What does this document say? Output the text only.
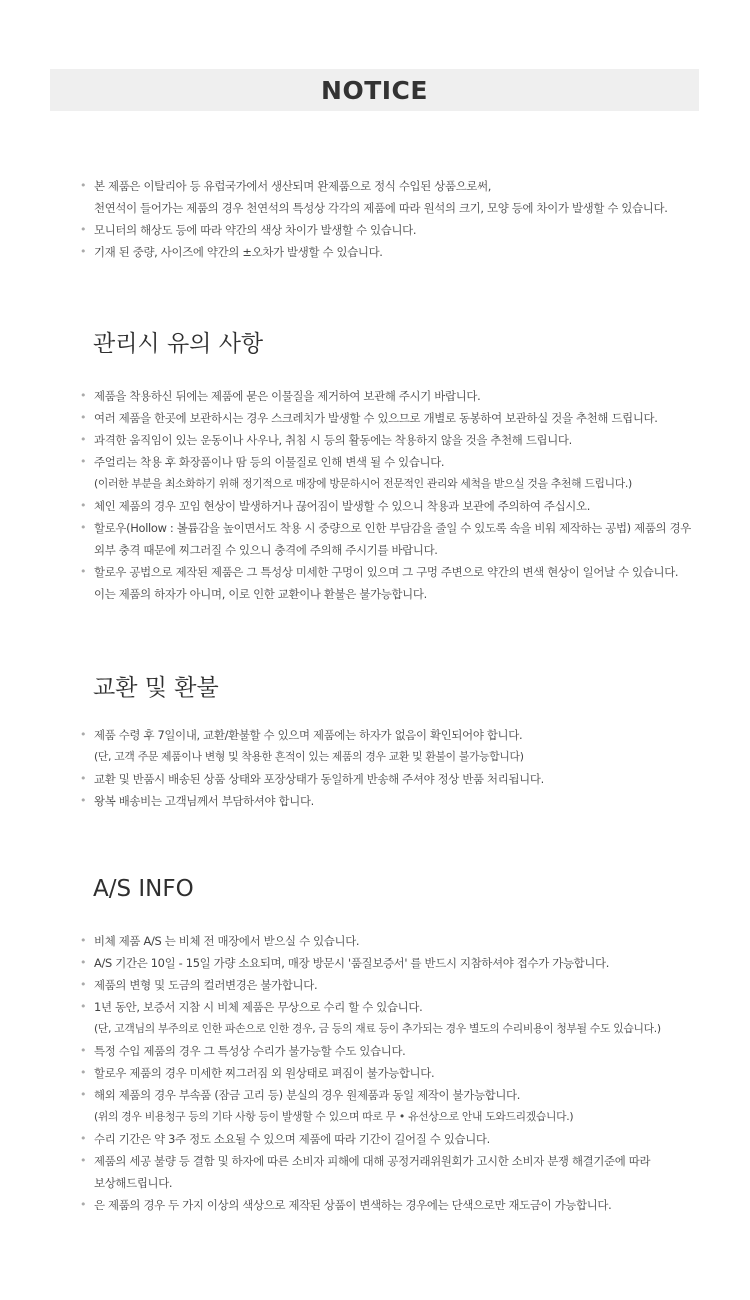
NOTICE
• 본 제품은 이탈리아 등 유럽국가에서 생산되며 완제품으로 정식 수입된 상품으로써,
천연석이 들어가는 제품의 경우 천연석의 특성상 각각의 제품에 따라 원석의 크기, 모양 등에 차이가 발생할 수 있습니다.
• 모니터의 해상도 등에 따라 약간의 색상 차이가 발생할 수 있습니다.
• 기재 된 중량, 사이즈에 약간의 ±오차가 발생할 수 있습니다.
관리시 유의 사항
• 제품을 착용하신 뒤에는 제품에 묻은 이물질을 제거하여 보관해 주시기 바랍니다.
• 여러 제품을 한곳에 보관하시는 경우 스크레치가 발생할 수 있으므로 개별로 동봉하여 보관하실 것을 추천해 드립니다.
• 과격한 움직임이 있는 운동이나 사우나, 취침 시 등의 활동에는 착용하지 않을 것을 추천해 드립니다.
• 주얼리는 착용 후 화장품이나 땀 등의 이물질로 인해 변색 될 수 있습니다.
(이러한 부분을 최소화하기 위해 정기적으로 매장에 방문하시어 전문적인 관리와 세척을 받으실 것을 추천해 드립니다.)
• 체인 제품의 경우 꼬임 현상이 발생하거나 끊어짐이 발생할 수 있으니 착용과 보관에 주의하여 주십시오.
• 할로우(Hollow : 볼륨감을 높이면서도 착용 시 중량으로 인한 부담감을 줄일 수 있도록 속을 비워 제작하는 공법) 제품의 경우
외부 충격 때문에 찌그러질 수 있으니 충격에 주의해 주시기를 바랍니다.
• 할로우 공법으로 제작된 제품은 그 특성상 미세한 구멍이 있으며 그 구멍 주변으로 약간의 변색 현상이 일어날 수 있습니다.
이는 제품의 하자가 아니며, 이로 인한 교환이나 환불은 불가능합니다.
교환 및 환불
• 제품 수령 후 7일이내, 교환/환불할 수 있으며 제품에는 하자가 없음이 확인되어야 합니다.
(단, 고객 주문 제품이나 변형 및 착용한 흔적이 있는 제품의 경우 교환 및 환불이 불가능합니다)
• 교환 및 반품시 배송된 상품 상태와 포장상태가 동일하게 반송해 주셔야 정상 반품 처리됩니다.
• 왕복 배송비는 고객님께서 부담하셔야 합니다.
A/S INFO
• 비체 제품 A/S 는 비체 전 매장에서 받으실 수 있습니다.
• A/S 기간은 10일 - 15일 가량 소요되며, 매장 방문시 '품질보증서' 를 반드시 지참하셔야 접수가 가능합니다.
• 제품의 변형 및 도금의 컬러변경은 불가합니다.
• 1년 동안, 보증서 지참 시 비체 제품은 무상으로 수리 할 수 있습니다.
(단, 고객님의 부주의로 인한 파손으로 인한 경우, 금 등의 재료 등이 추가되는 경우 별도의 수리비용이 청부될 수도 있습니다.)
• 특정 수입 제품의 경우 그 특성상 수리가 불가능할 수도 있습니다.
• 할로우 제품의 경우 미세한 찌그러짐 외 원상태로 펴짐이 불가능합니다.
• 해외 제품의 경우 부속품 (잠금 고리 등) 분실의 경우 원제품과 동일 제작이 불가능합니다.
(위의 경우 비용청구 등의 기타 사항 등이 발생할 수 있으며 따로 무 • 유선상으로 안내 도와드리겠습니다.)
• 수리 기간은 약 3주 정도 소요될 수 있으며 제품에 따라 기간이 길어질 수 있습니다.
• 제품의 세공 불량 등 결함 및 하자에 따른 소비자 피해에 대해 공정거래위원회가 고시한 소비자 분쟁 해결기준에 따라
보상해드립니다.
• 은 제품의 경우 두 가지 이상의 색상으로 제작된 상품이 변색하는 경우에는 단색으로만 재도금이 가능합니다.
